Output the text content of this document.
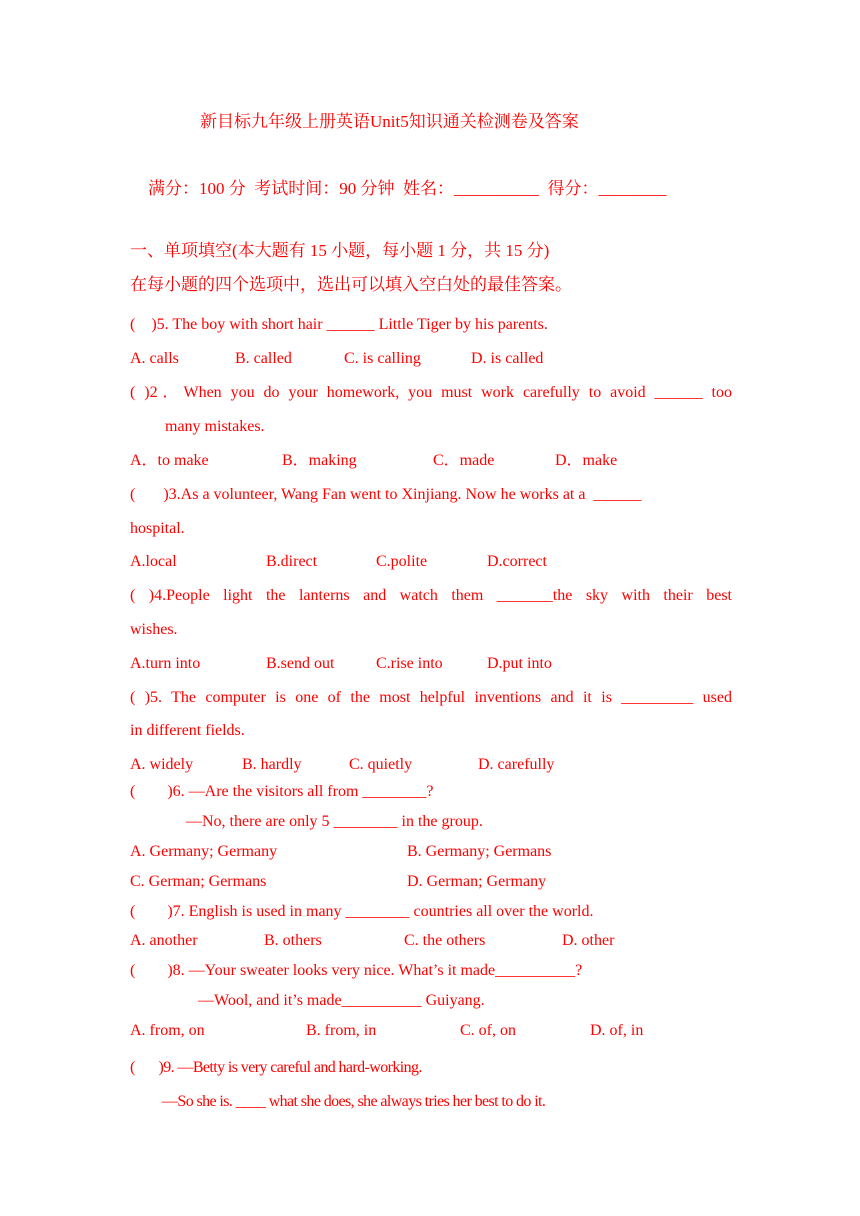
新目标九年级上册英语Unit5知识通关检测卷及答案
满分：100 分  考试时间：90 分钟  姓名：__________  得分：________
一、单项填空(本大题有 15 小题，每小题 1 分，共 15 分)
在每小题的四个选项中，选出可以填入空白处的最佳答案。
(    )5. The boy with short hair ______ Little Tiger by his parents.
A. calls	B. called	C. is calling	D. is called
( )2．When you do your homework, you must work carefully to avoid ______ too
many mistakes.
A．to make	B．making	C．made	D．make
(       )3.As a volunteer, Wang Fan went to Xinjiang. Now he works at a  ______
hospital.
A.local	B.direct	C.polite	D.correct
( )4.People light the lanterns and watch them _______the sky with their best
wishes.
A.turn into	B.send out	C.rise into	D.put into
( )5. The computer is one of the most helpful inventions and it is _________ used
in different fields.
A. widely	B. hardly	C. quietly	D. carefully
(        )6. —Are the visitors all from ________?
—No, there are only 5 ________ in the group.
A. Germany; Germany	B. Germany; Germans
C. German; Germans	D. German; Germany
(        )7. English is used in many ________ countries all over the world.
A. another	B. others	C. the others	D. other
(        )8. —Your sweater looks very nice. What’s it made__________?
—Wool, and it’s made__________ Guiyang.
A. from, on	B. from, in	C. of, on	D. of, in
(       )9. —Betty is very careful and hard-working.
—So she is. ____ what she does, she always tries her best to do it.
